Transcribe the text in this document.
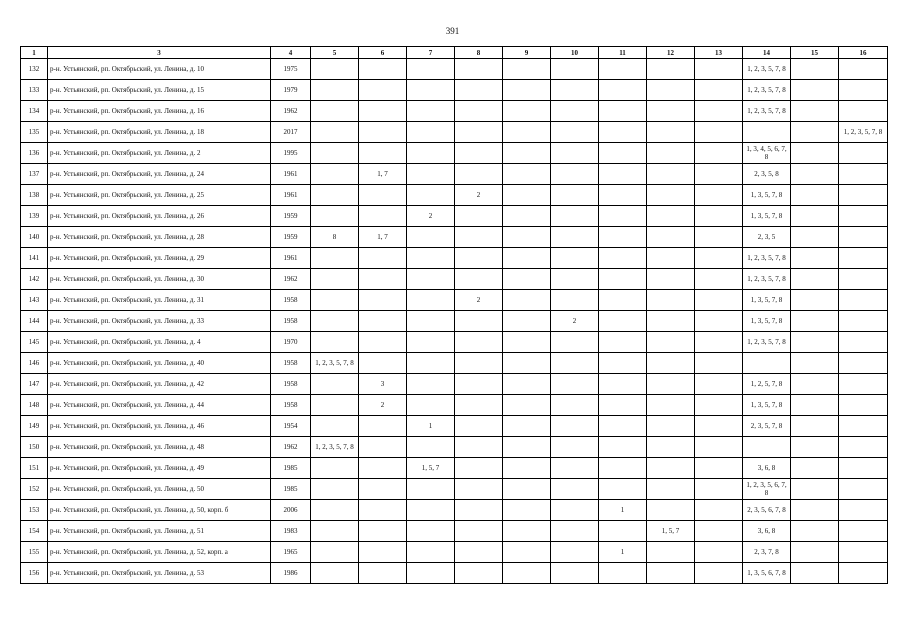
391
1	3	4	5	6	7	8	9	10	11	12	13	14	15	16
132	р-н. Устьянский, рп. Октябрьский, ул. Ленина, д. 10	1975										1, 2, 3, 5, 7, 8		
133	р-н. Устьянский, рп. Октябрьский, ул. Ленина, д. 15	1979										1, 2, 3, 5, 7, 8		
134	р-н. Устьянский, рп. Октябрьский, ул. Ленина, д. 16	1962										1, 2, 3, 5, 7, 8		
135	р-н. Устьянский, рп. Октябрьский, ул. Ленина, д. 18	2017												1, 2, 3, 5, 7, 8
136	р-н. Устьянский, рп. Октябрьский, ул. Ленина, д. 2	1995										1, 3, 4, 5, 6, 7, 8		
137	р-н. Устьянский, рп. Октябрьский, ул. Ленина, д. 24	1961		1, 7								2, 3, 5, 8		
138	р-н. Устьянский, рп. Октябрьский, ул. Ленина, д. 25	1961				2						1, 3, 5, 7, 8		
139	р-н. Устьянский, рп. Октябрьский, ул. Ленина, д. 26	1959			2							1, 3, 5, 7, 8		
140	р-н. Устьянский, рп. Октябрьский, ул. Ленина, д. 28	1959	8	1, 7								2, 3, 5		
141	р-н. Устьянский, рп. Октябрьский, ул. Ленина, д. 29	1961										1, 2, 3, 5, 7, 8		
142	р-н. Устьянский, рп. Октябрьский, ул. Ленина, д. 30	1962										1, 2, 3, 5, 7, 8		
143	р-н. Устьянский, рп. Октябрьский, ул. Ленина, д. 31	1958				2						1, 3, 5, 7, 8		
144	р-н. Устьянский, рп. Октябрьский, ул. Ленина, д. 33	1958						2				1, 3, 5, 7, 8		
145	р-н. Устьянский, рп. Октябрьский, ул. Ленина, д. 4	1970										1, 2, 3, 5, 7, 8		
146	р-н. Устьянский, рп. Октябрьский, ул. Ленина, д. 40	1958	1, 2, 3, 5, 7, 8											
147	р-н. Устьянский, рп. Октябрьский, ул. Ленина, д. 42	1958		3								1, 2, 5, 7, 8		
148	р-н. Устьянский, рп. Октябрьский, ул. Ленина, д. 44	1958		2								1, 3, 5, 7, 8		
149	р-н. Устьянский, рп. Октябрьский, ул. Ленина, д. 46	1954			1							2, 3, 5, 7, 8		
150	р-н. Устьянский, рп. Октябрьский, ул. Ленина, д. 48	1962	1, 2, 3, 5, 7, 8											
151	р-н. Устьянский, рп. Октябрьский, ул. Ленина, д. 49	1985			1, 5, 7							3, 6, 8		
152	р-н. Устьянский, рп. Октябрьский, ул. Ленина, д. 50	1985										1, 2, 3, 5, 6, 7, 8		
153	р-н. Устьянский, рп. Октябрьский, ул. Ленина, д. 50, корп. б	2006							1			2, 3, 5, 6, 7, 8		
154	р-н. Устьянский, рп. Октябрьский, ул. Ленина, д. 51	1983								1, 5, 7		3, 6, 8		
155	р-н. Устьянский, рп. Октябрьский, ул. Ленина, д. 52, корп. а	1965							1			2, 3, 7, 8		
156	р-н. Устьянский, рп. Октябрьский, ул. Ленина, д. 53	1986										1, 3, 5, 6, 7, 8		
